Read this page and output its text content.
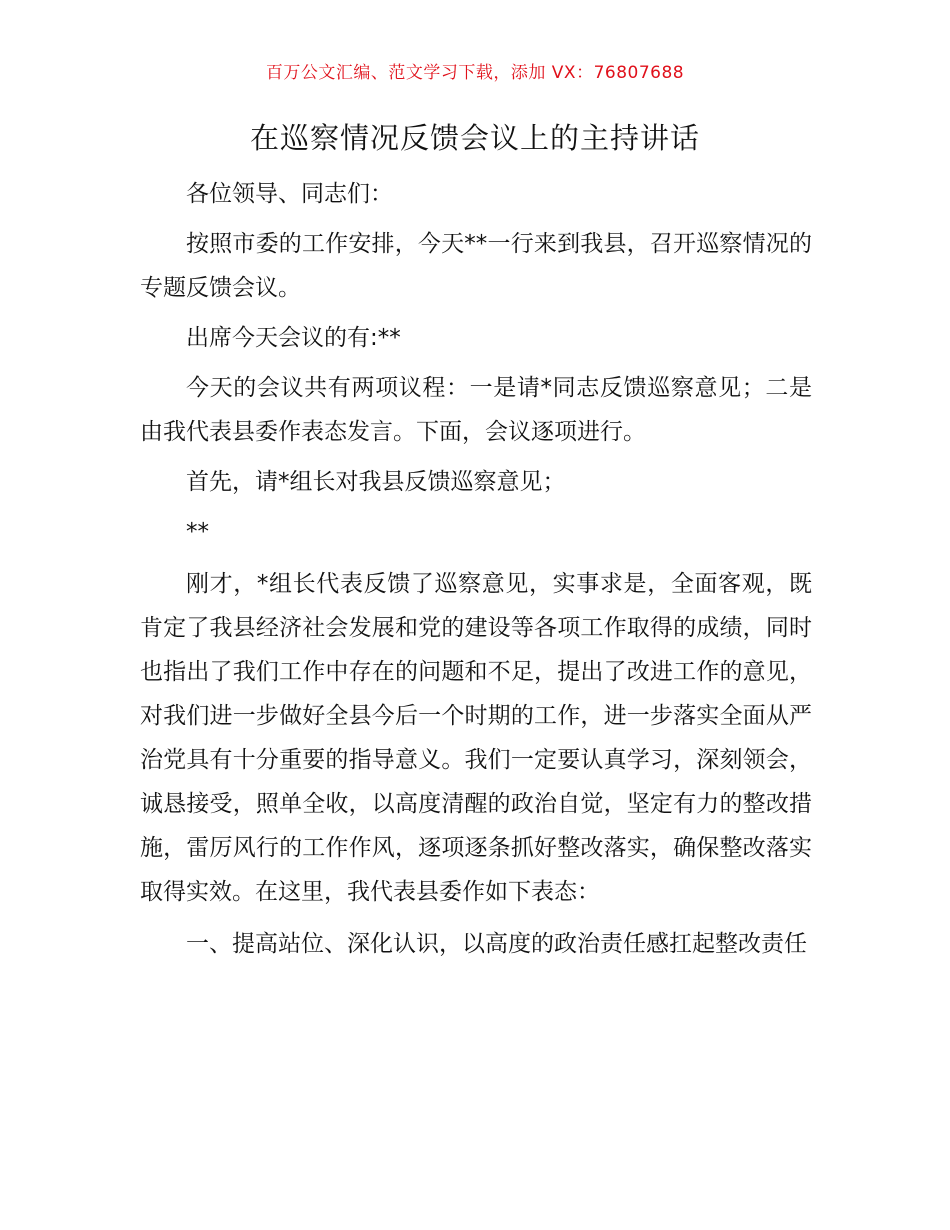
百万公文汇编、范文学习下载，添加 VX：76807688
在巡察情况反馈会议上的主持讲话

各位领导、同志们：

按照市委的工作安排，今天**一行来到我县，召开巡察情况的专题反馈会议。

出席今天会议的有:**

今天的会议共有两项议程：一是请*同志反馈巡察意见；二是由我代表县委作表态发言。下面，会议逐项进行。

首先，请*组长对我县反馈巡察意见；

**

刚才，*组长代表反馈了巡察意见，实事求是，全面客观，既肯定了我县经济社会发展和党的建设等各项工作取得的成绩，同时也指出了我们工作中存在的问题和不足，提出了改进工作的意见，对我们进一步做好全县今后一个时期的工作，进一步落实全面从严治党具有十分重要的指导意义。我们一定要认真学习，深刻领会，诚恳接受，照单全收，以高度清醒的政治自觉，坚定有力的整改措施，雷厉风行的工作作风，逐项逐条抓好整改落实，确保整改落实取得实效。在这里，我代表县委作如下表态：

一、提高站位、深化认识，以高度的政治责任感扛起整改责任
